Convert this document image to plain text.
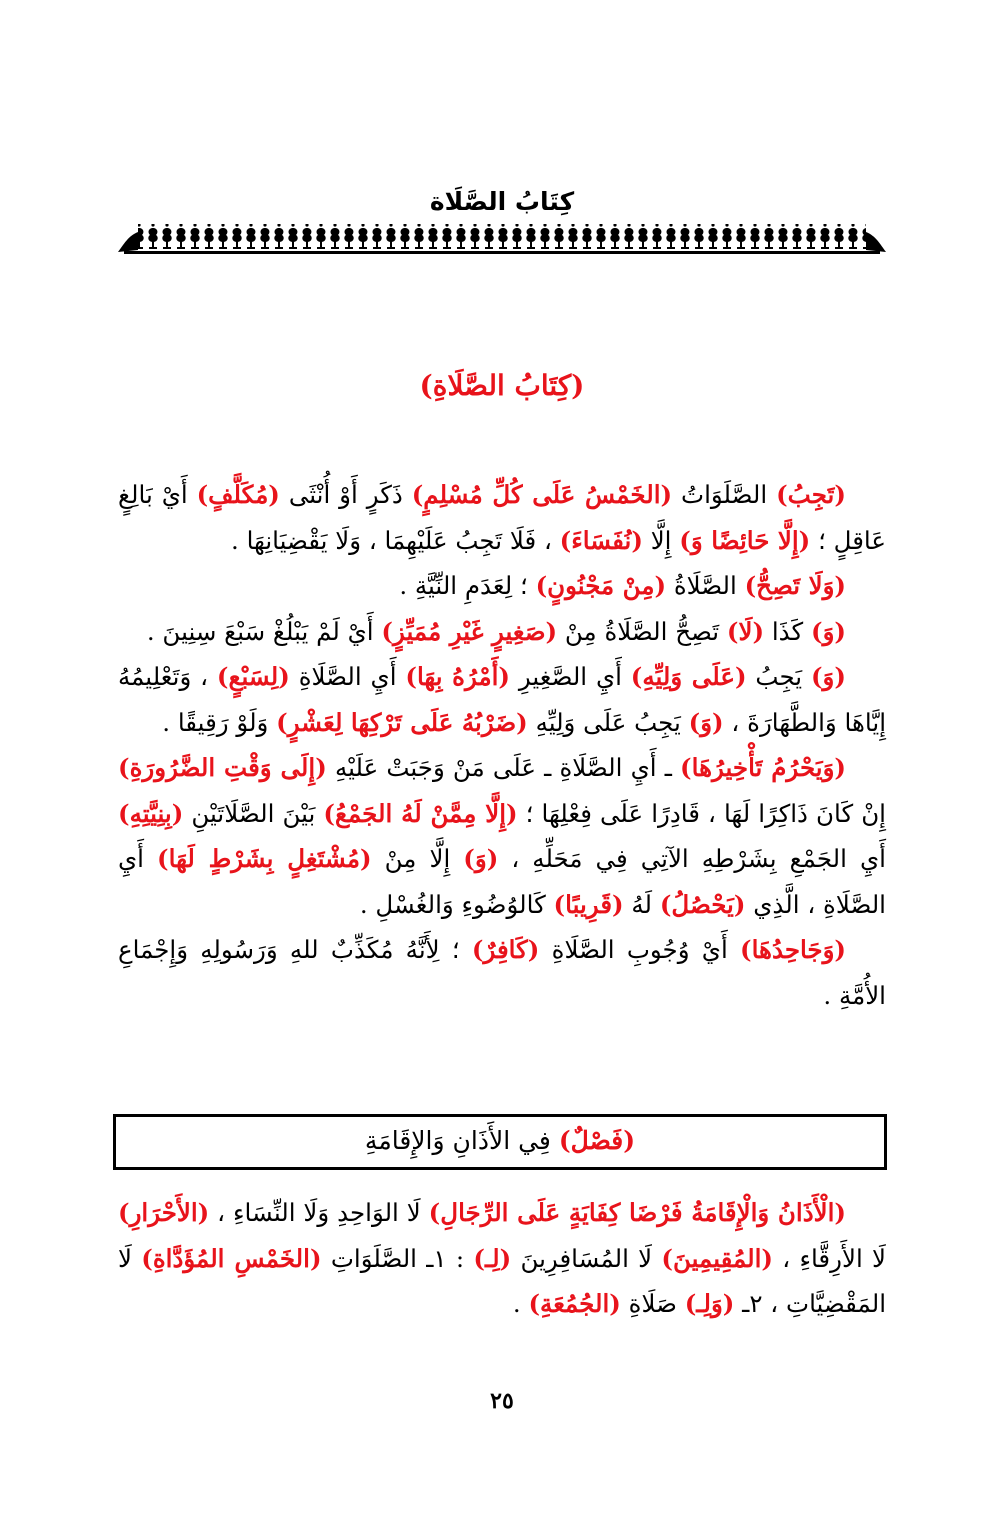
كِتَابُ الصَّلَاة
(كِتَابُ الصَّلَاةِ)

(تَجِبُ) الصَّلَوَاتُ (الخَمْسُ عَلَى كُلِّ مُسْلِمٍ) ذَكَرٍ أَوْ أُنْثَى (مُكَلَّفٍ) أَيْ بَالِغٍ عَاقِلٍ ؛ (إِلَّا حَائِضًا وَ) إِلَّا (نُفَسَاءَ) ، فَلَا تَجِبُ عَلَيْهِمَا ، وَلَا يَقْضِيَانِهَا .

(وَلَا تَصِحُّ) الصَّلَاةُ (مِنْ مَجْنُونٍ) ؛ لِعَدَمِ النِّيَّةِ .

(وَ) كَذَا (لَا) تَصِحُّ الصَّلَاةُ مِنْ (صَغِيرٍ غَيْرِ مُمَيِّزٍ) أَيْ لَمْ يَبْلُغْ سَبْعَ سِنِينَ .

(وَ) يَجِبُ (عَلَى وَلِيِّهِ) أَيِ الصَّغِيرِ (أَمْرُهُ بِهَا) أَيِ الصَّلَاةِ (لِسَبْعٍ) ، وَتَعْلِيمُهُ إِيَّاهَا وَالطَّهَارَةَ ، (وَ) يَجِبُ عَلَى وَلِيِّهِ (ضَرْبُهُ عَلَى تَرْكِهَا لِعَشْرٍ) وَلَوْ رَقِيقًا .

(وَيَحْرُمُ تَأْخِيرُهَا) ـ أَيِ الصَّلَاةِ ـ عَلَى مَنْ وَجَبَتْ عَلَيْهِ (إِلَى وَقْتِ الضَّرُورَةِ) إِنْ كَانَ ذَاكِرًا لَهَا ، قَادِرًا عَلَى فِعْلِهَا ؛ (إِلَّا مِمَّنْ لَهُ الجَمْعُ) بَيْنَ الصَّلَاتَيْنِ (بِنِيَّتِهِ) أَيِ الجَمْعِ بِشَرْطِهِ الآتِي فِي مَحَلِّهِ ، (وَ) إِلَّا مِنْ (مُشْتَغِلٍ بِشَرْطٍ لَهَا) أَيِ الصَّلَاةِ ، الَّذِي (يَحْصُلُ) لَهُ (قَرِيبًا) كَالوُضُوءِ وَالغُسْلِ .

(وَجَاحِدُهَا) أَيْ وُجُوبِ الصَّلَاةِ (كَافِرٌ) ؛ لِأَنَّهُ مُكَذِّبٌ للهِ وَرَسُولِهِ وَإِجْمَاعِ الأُمَّةِ .

(فَصْلٌ) فِي الأَذَانِ وَالإِقَامَةِ

(الْأَذَانُ وَالْإِقَامَةُ فَرْضَا كِفَايَةٍ عَلَى الرِّجَالِ) لَا الوَاحِدِ وَلَا النِّسَاءِ ، (الأَحْرَارِ) لَا الأَرِقَّاءِ ، (المُقِيمِينَ) لَا المُسَافِرِينَ (لِـ) : ١ـ الصَّلَوَاتِ (الخَمْسِ المُؤَدَّاةِ) لَا المَقْضِيَّاتِ ، ٢ـ (وَلِـ) صَلَاةِ (الجُمُعَةِ) .

٢٥
